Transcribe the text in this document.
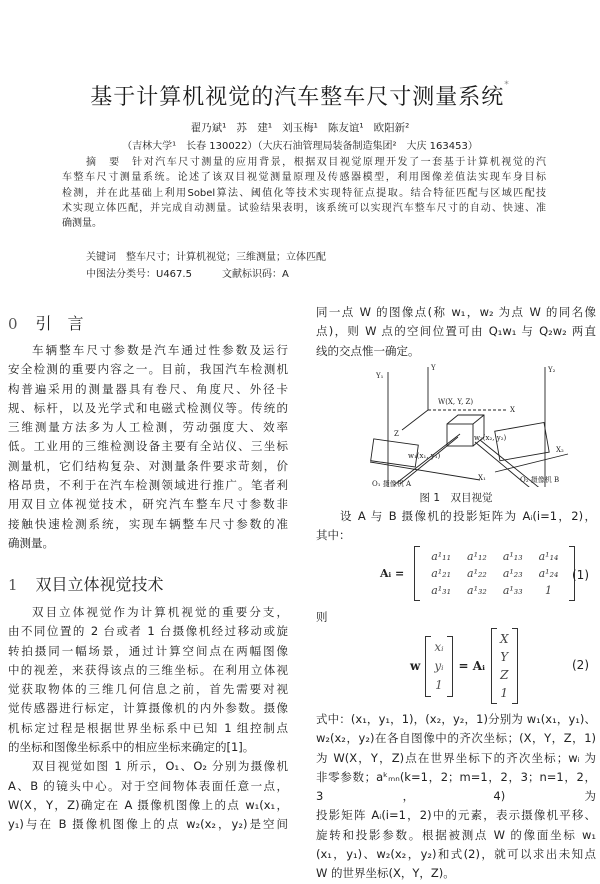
基于计算机视觉的汽车整车尺寸测量系统*
翟乃斌¹ 苏　建¹ 刘玉梅¹ 陈友谊¹ 欧阳新²
（吉林大学¹　长春 130022）（大庆石油管理局装备制造集团²　大庆 163453）
摘　要　针对汽车尺寸测量的应用背景，根据双目视觉原理开发了一套基于计算机视觉的汽
车整车尺寸测量系统。论述了该双目视觉测量原理及传感器模型，利用图像差值法实现车身目标
检测，并在此基础上利用Sobel算法、阈值化等技术实现特征点提取。结合特征匹配与区域匹配技
术实现立体匹配，并完成自动测量。试验结果表明，该系统可以实现汽车整车尺寸的自动、快速、准
确测量。
关键词　整车尺寸；计算机视觉；三维测量；立体匹配
中图法分类号：U467.5	文献标识码：A
0 引　言
车辆整车尺寸参数是汽车通过性参数及运行
安全检测的重要内容之一。目前，我国汽车检测机
构普遍采用的测量器具有卷尺、角度尺、外径卡
规、标杆，以及光学式和电磁式检测仪等。传统的
三维测量方法多为人工检测，劳动强度大、效率
低。工业用的三维检测设备主要有全站仪、三坐标
测量机，它们结构复杂、对测量条件要求苛刻，价
格昂贵，不利于在汽车检测领域进行推广。笔者利
用双目立体视觉技术，研究汽车整车尺寸参数非
接触快速检测系统，实现车辆整车尺寸参数的准
确测量。
1 双目立体视觉技术
双目立体视觉作为计算机视觉的重要分支，
由不同位置的 2 台或者 1 台摄像机经过移动或旋
转拍摄同一幅场景，通过计算空间点在两幅图像
中的视差，来获得该点的三维坐标。在利用立体视
觉获取物体的三维几何信息之前，首先需要对视
觉传感器进行标定，计算摄像机的内外参数。摄像
机标定过程是根据世界坐标系中已知 1 组控制点
的坐标和图像坐标系中的相应坐标来确定的[1]。
双目视觉如图 1 所示，O₁、O₂ 分别为摄像机
A、B 的镜头中心。对于空间物体表面任意一点，
W(X，Y，Z)确定在 A 摄像机图像上的点 w₁(x₁，
y₁)与在 B 摄像机图像上的点 w₂(x₂，y₂)是空间
同一点 W 的图像点(称 w₁，w₂ 为点 W 的同名像
点)，则 W 点的空间位置可由 Q₁w₁ 与 Q₂w₂ 两直
线的交点惟一确定。
Y
X
Z
W(X, Y, Z)
Y₁
Y₂
X₁
X₂
w₁(x₁, y₁)
w₂(x₂, y₂)
O₁ 摄像机 A	O₂ 摄像机 B
图 1　双目视觉
设 A 与 B 摄像机的投影矩阵为 Aᵢ(i=1，2)，
其中：
Aᵢ =
a¹₁₁	a¹₁₂	a¹₁₃	a¹₁₄
a¹₂₁	a¹₂₂	a¹₂₃	a¹₂₄
a¹₃₁	a¹₃₂	a¹₃₃	1
(1)
则
w
xᵢ
yᵢ
1
= Aᵢ
X
Y
Z
1
(2)
式中：(x₁，y₁，1)，(x₂，y₂，1)分别为 w₁(x₁，y₁)、
w₂(x₂，y₂)在各自图像中的齐次坐标；(X，Y，Z，1)
为 W(X，Y，Z)点在世界坐标下的齐次坐标；wᵢ 为
非零参数；aᵏₘₙ(k=1，2；m=1，2，3；n=1，2，3，4)为
投影矩阵 Aᵢ(i=1，2)中的元素，表示摄像机平移、
旋转和投影参数。根据被测点 W 的像面坐标 w₁
(x₁，y₁)、w₂(x₂，y₂)和式(2)，就可以求出未知点
W 的世界坐标(X，Y，Z)。
